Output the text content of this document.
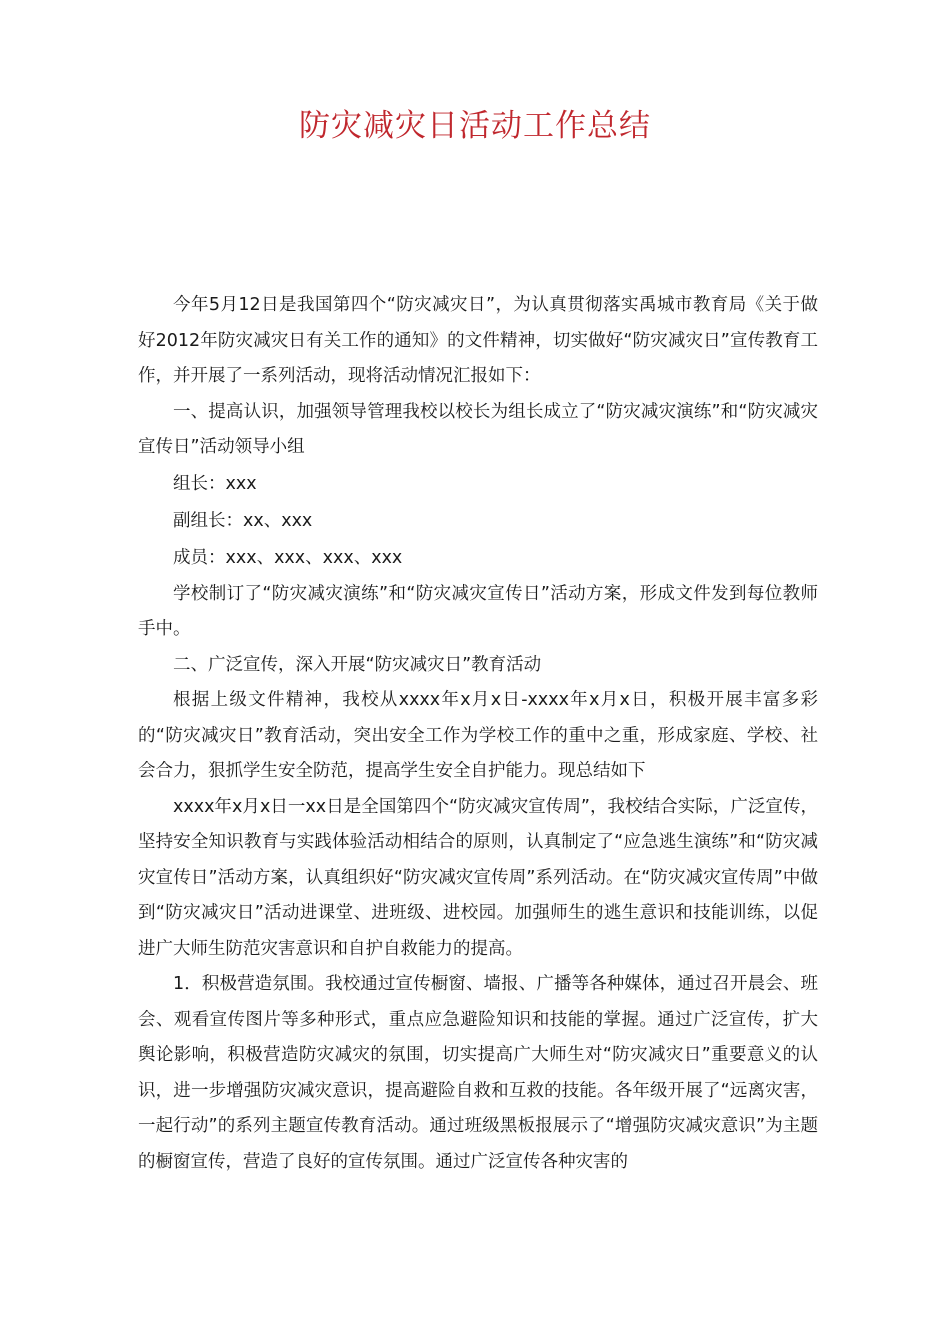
防灾减灾日活动工作总结

今年5月12日是我国第四个“防灾减灾日”，为认真贯彻落实禹城市教育局《关于做好2012年防灾减灾日有关工作的通知》的文件精神，切实做好“防灾减灾日”宣传教育工作，并开展了一系列活动，现将活动情况汇报如下：

一、提高认识，加强领导管理我校以校长为组长成立了“防灾减灾演练”和“防灾减灾宣传日”活动领导小组

组长：xxx

副组长：xx、xxx

成员：xxx、xxx、xxx、xxx

学校制订了“防灾减灾演练”和“防灾减灾宣传日”活动方案，形成文件发到每位教师手中。

二、广泛宣传，深入开展“防灾减灾日”教育活动

根据上级文件精神，我校从xxxx年x月x日-xxxx年x月x日，积极开展丰富多彩的“防灾减灾日”教育活动，突出安全工作为学校工作的重中之重，形成家庭、学校、社会合力，狠抓学生安全防范，提高学生安全自护能力。现总结如下

xxxx年x月x日一xx日是全国第四个“防灾减灾宣传周”，我校结合实际，广泛宣传，坚持安全知识教育与实践体验活动相结合的原则，认真制定了“应急逃生演练”和“防灾减灾宣传日”活动方案，认真组织好“防灾减灾宣传周”系列活动。在“防灾减灾宣传周”中做到“防灾减灾日”活动进课堂、进班级、进校园。加强师生的逃生意识和技能训练，以促进广大师生防范灾害意识和自护自救能力的提高。

1．积极营造氛围。我校通过宣传橱窗、墙报、广播等各种媒体，通过召开晨会、班会、观看宣传图片等多种形式，重点应急避险知识和技能的掌握。通过广泛宣传，扩大舆论影响，积极营造防灾减灾的氛围，切实提高广大师生对“防灾减灾日”重要意义的认识，进一步增强防灾减灾意识，提高避险自救和互救的技能。各年级开展了“远离灾害，一起行动”的系列主题宣传教育活动。通过班级黑板报展示了“增强防灾减灾意识”为主题的橱窗宣传，营造了良好的宣传氛围。通过广泛宣传各种灾害的
